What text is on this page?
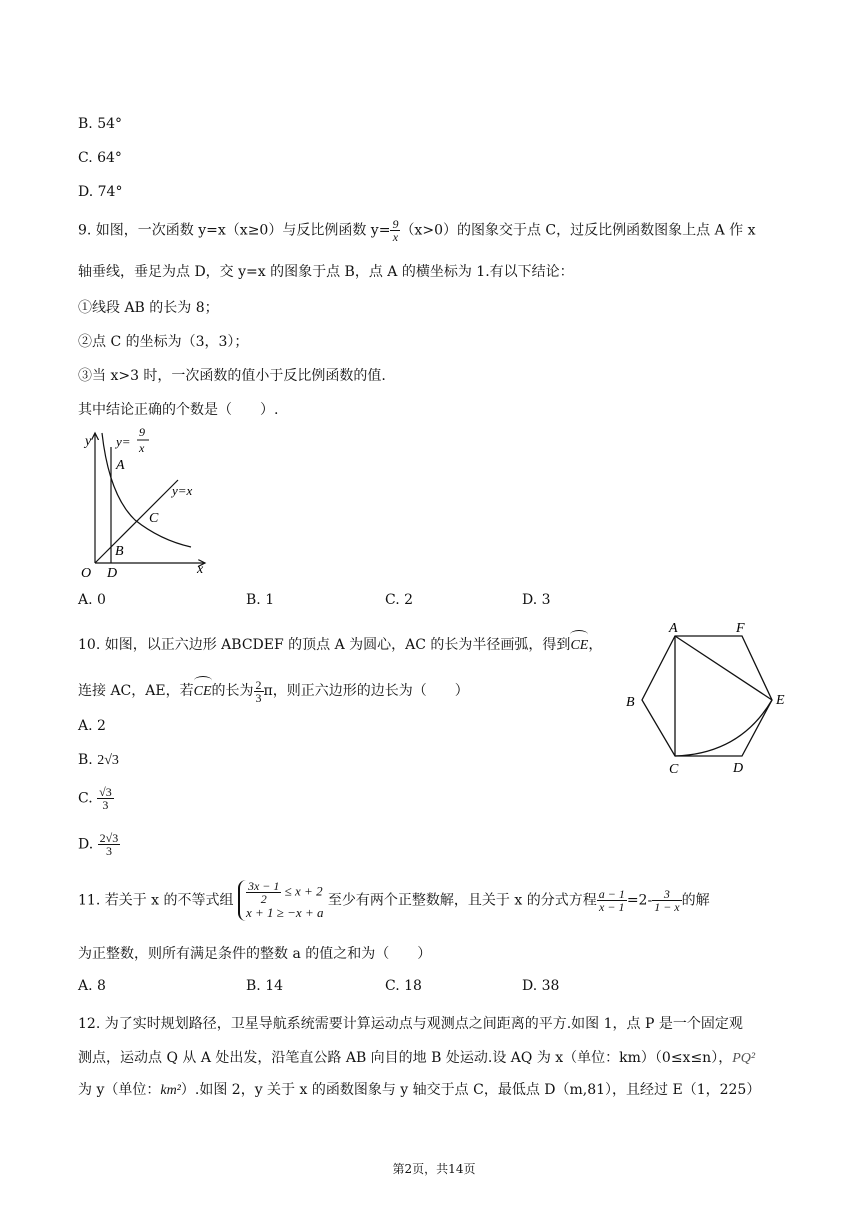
B. 54°
C. 64°
D. 74°
9. 如图，一次函数 y=x（x≥0）与反比例函数 $y= \frac{9}{x} (x>0)$的图象交于点 C，过反比例函数图象上点 A 作 x
轴垂线，垂足为点 D，交 y=x 的图象于点 B，点 A 的横坐标为 1.有以下结论：
①线段 AB 的长为 8；
②点 C 的坐标为（3，3）；
③当 x>3 时，一次函数的值小于反比例函数的值.
其中结论正确的个数是（　　）.
y
x
O D
A
B
C
y=
9
x
y=x
A. 0	B. 1	C. 2	D. 3
10. 如图，以正六边形 ABCDEF 的顶点 A 为圆心，AC 的长为半径画弧，得到
CE，
连接 AC，AE，若
CE的长为 $\frac{2}{3}$ π，则正六边形的边长为（　　）
A	F
E
B
C	D
A. 2
B. 2√3
C. $\frac{√3}{3}$
D. $\frac{2√3}{3}$
11. 若关于 x 的不等式组 $\frac{3x - 1}{2} \le x + 2$
x + 1 ≥ −x + a
至少有两个正整数解，且关于 x 的分式方程 $\frac{a - 1}{x - 1} =2- \frac{3}{1 - x}$ 的解
为正整数，则所有满足条件的整数 a 的值之和为（　　）
A. 8	B. 14	C. 18	D. 38
12. 为了实时规划路径，卫星导航系统需要计算运动点与观测点之间距离的平方.如图 1，点 P 是一个固定观
测点，运动点 Q 从 A 处出发，沿笔直公路 AB 向目的地 B 处运动.设 AQ 为 x（单位：km）（0≤x≤n），PQ²
为 y（单位：km²）.如图 2，y 关于 x 的函数图象与 y 轴交于点 C，最低点 D（m,81），且经过 E（1，225）
第2页，共14页
